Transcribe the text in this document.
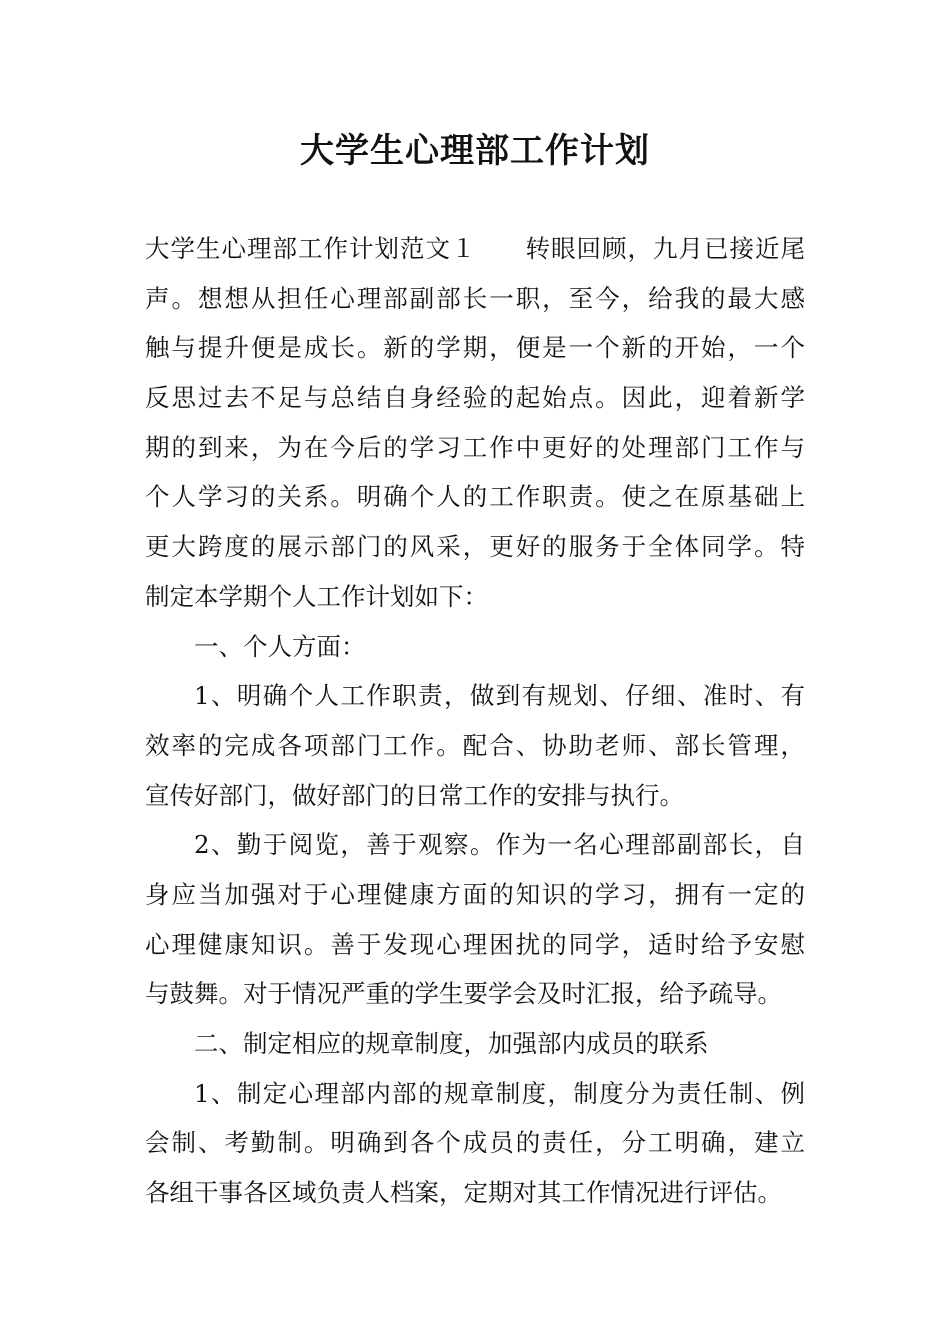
大学生心理部工作计划
大学生心理部工作计划范文１ 转眼回顾，九月已接近尾
声。想想从担任心理部副部长一职，至今，给我的最大感
触与提升便是成长。新的学期，便是一个新的开始，一个
反思过去不足与总结自身经验的起始点。因此，迎着新学
期的到来，为在今后的学习工作中更好的处理部门工作与
个人学习的关系。明确个人的工作职责。使之在原基础上
更大跨度的展示部门的风采，更好的服务于全体同学。特
制定本学期个人工作计划如下：
一、个人方面：
1、明确个人工作职责，做到有规划、仔细、准时、有
效率的完成各项部门工作。配合、协助老师、部长管理，
宣传好部门，做好部门的日常工作的安排与执行。
2、勤于阅览，善于观察。作为一名心理部副部长，自
身应当加强对于心理健康方面的知识的学习，拥有一定的
心理健康知识。善于发现心理困扰的同学，适时给予安慰
与鼓舞。对于情况严重的学生要学会及时汇报，给予疏导。
二、制定相应的规章制度，加强部内成员的联系
1、制定心理部内部的规章制度，制度分为责任制、例
会制、考勤制。明确到各个成员的责任，分工明确，建立
各组干事各区域负责人档案，定期对其工作情况进行评估。
